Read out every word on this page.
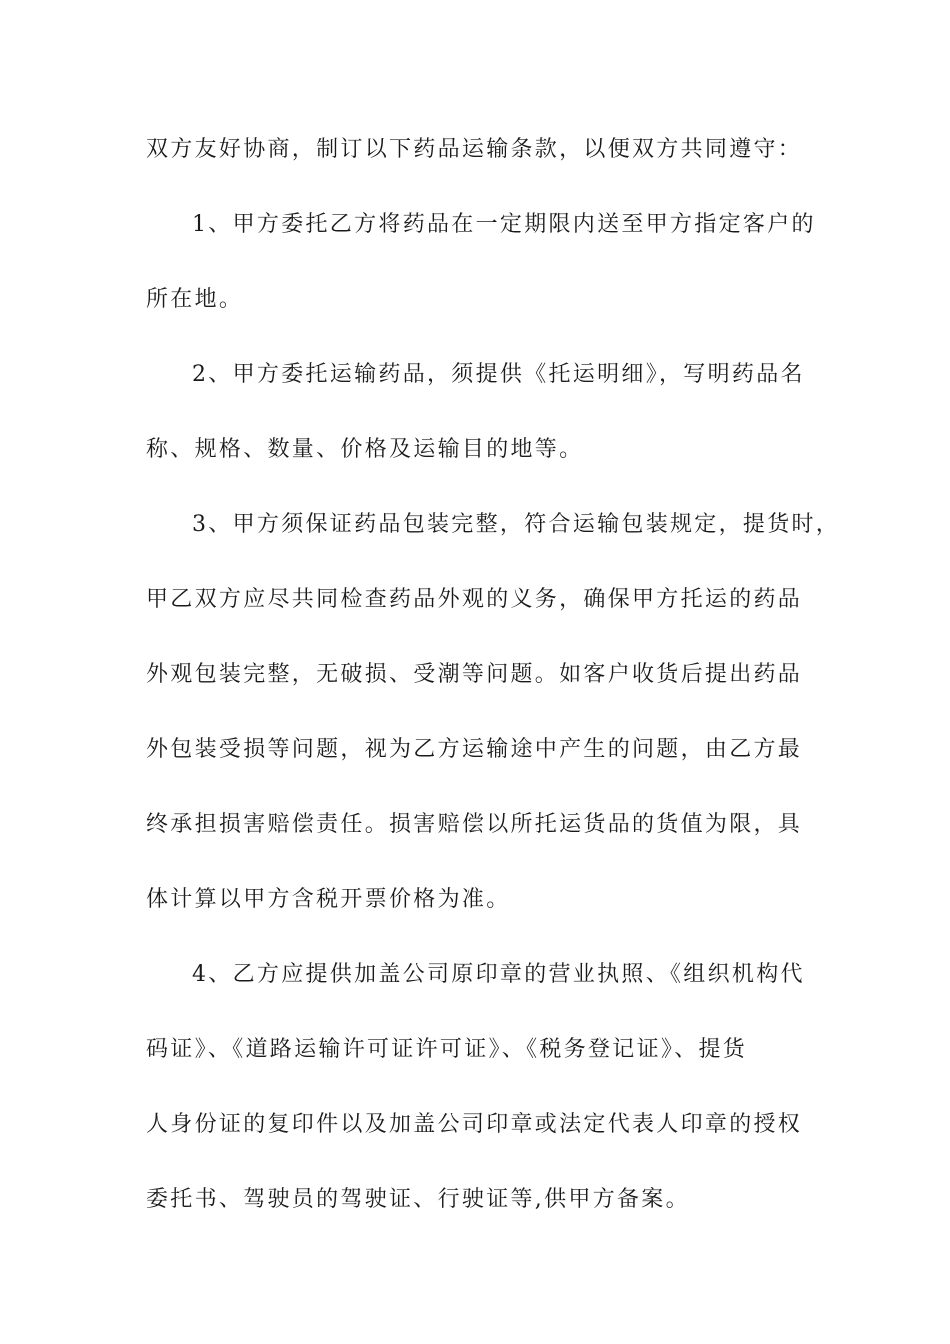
双方友好协商，制订以下药品运输条款，以便双方共同遵守：
1、甲方委托乙方将药品在一定期限内送至甲方指定客户的
所在地。
2、甲方委托运输药品，须提供《托运明细》，写明药品名
称、规格、数量、价格及运输目的地等。
3、甲方须保证药品包装完整，符合运输包装规定，提货时，
甲乙双方应尽共同检查药品外观的义务，确保甲方托运的药品
外观包装完整，无破损、受潮等问题。如客户收货后提出药品
外包装受损等问题，视为乙方运输途中产生的问题，由乙方最
终承担损害赔偿责任。损害赔偿以所托运货品的货值为限，具
体计算以甲方含税开票价格为准。
4、乙方应提供加盖公司原印章的营业执照、《组织机构代
码证》、《道路运输许可证许可证》、《税务登记证》、提货
人身份证的复印件以及加盖公司印章或法定代表人印章的授权
委托书、驾驶员的驾驶证、行驶证等,供甲方备案。
